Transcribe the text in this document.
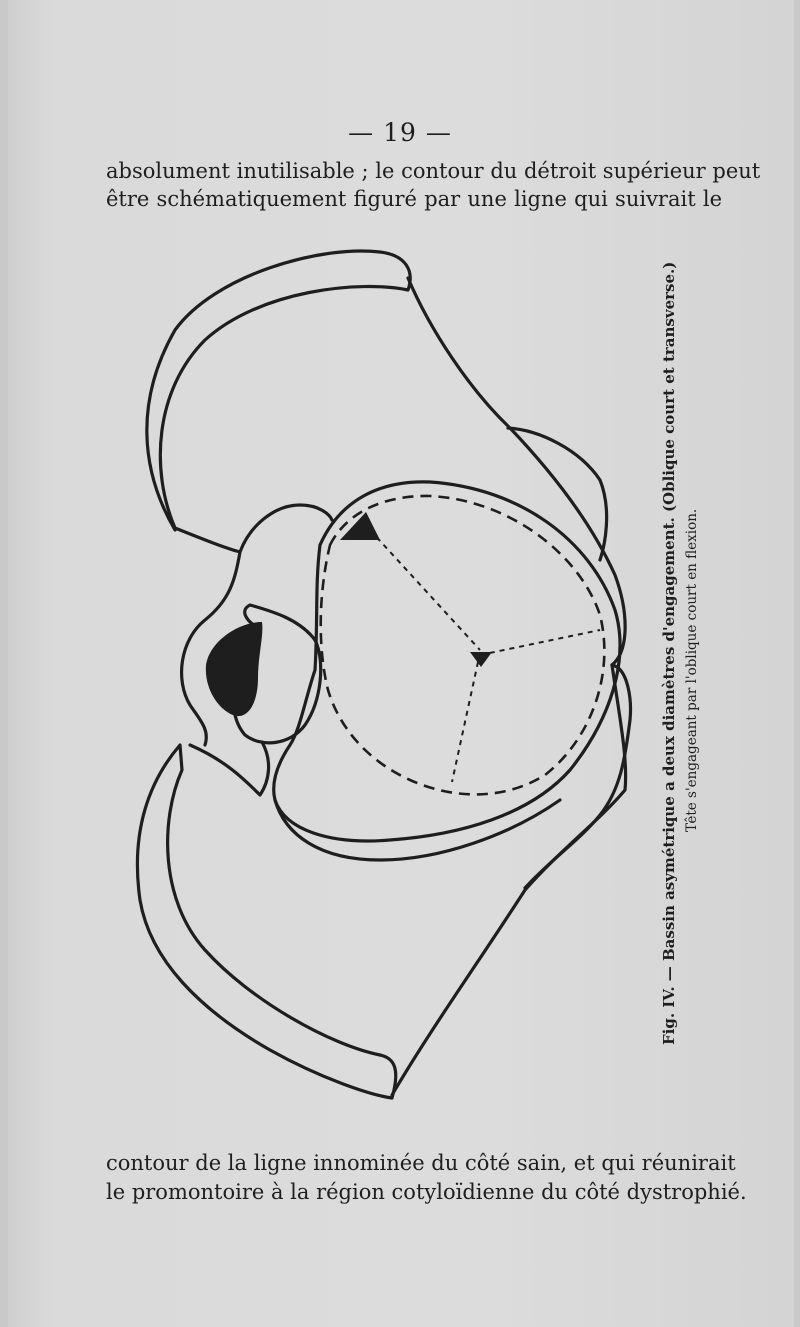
— 19 —
absolument inutilisable ; le contour du détroit supérieur peut
être schématiquement figuré par une ligne qui suivrait le
Fig. IV. — Bassin asymétrique a deux diamètres d'engagement. (Oblique court et transverse.) Tête s'engageant par l'oblique court en flexion.
contour de la ligne innominée du côté sain, et qui réunirait
le promontoire à la région cotyloïdienne du côté dystrophié.
